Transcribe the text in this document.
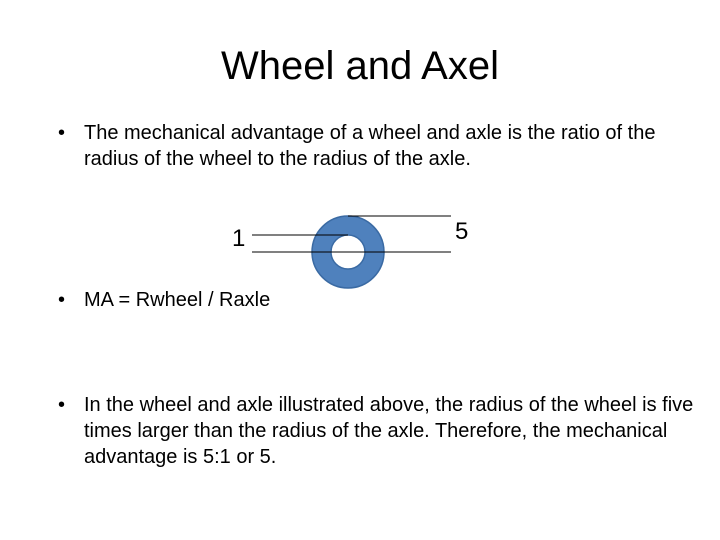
Wheel and Axel
• The mechanical advantage of a wheel and axle is the ratio of the radius of the wheel to the radius of the axle.
1	5
• MA = Rwheel / Raxle
• In the wheel and axle illustrated above, the radius of the wheel is five times larger than the radius of the axle. Therefore, the mechanical advantage is 5:1 or 5.
